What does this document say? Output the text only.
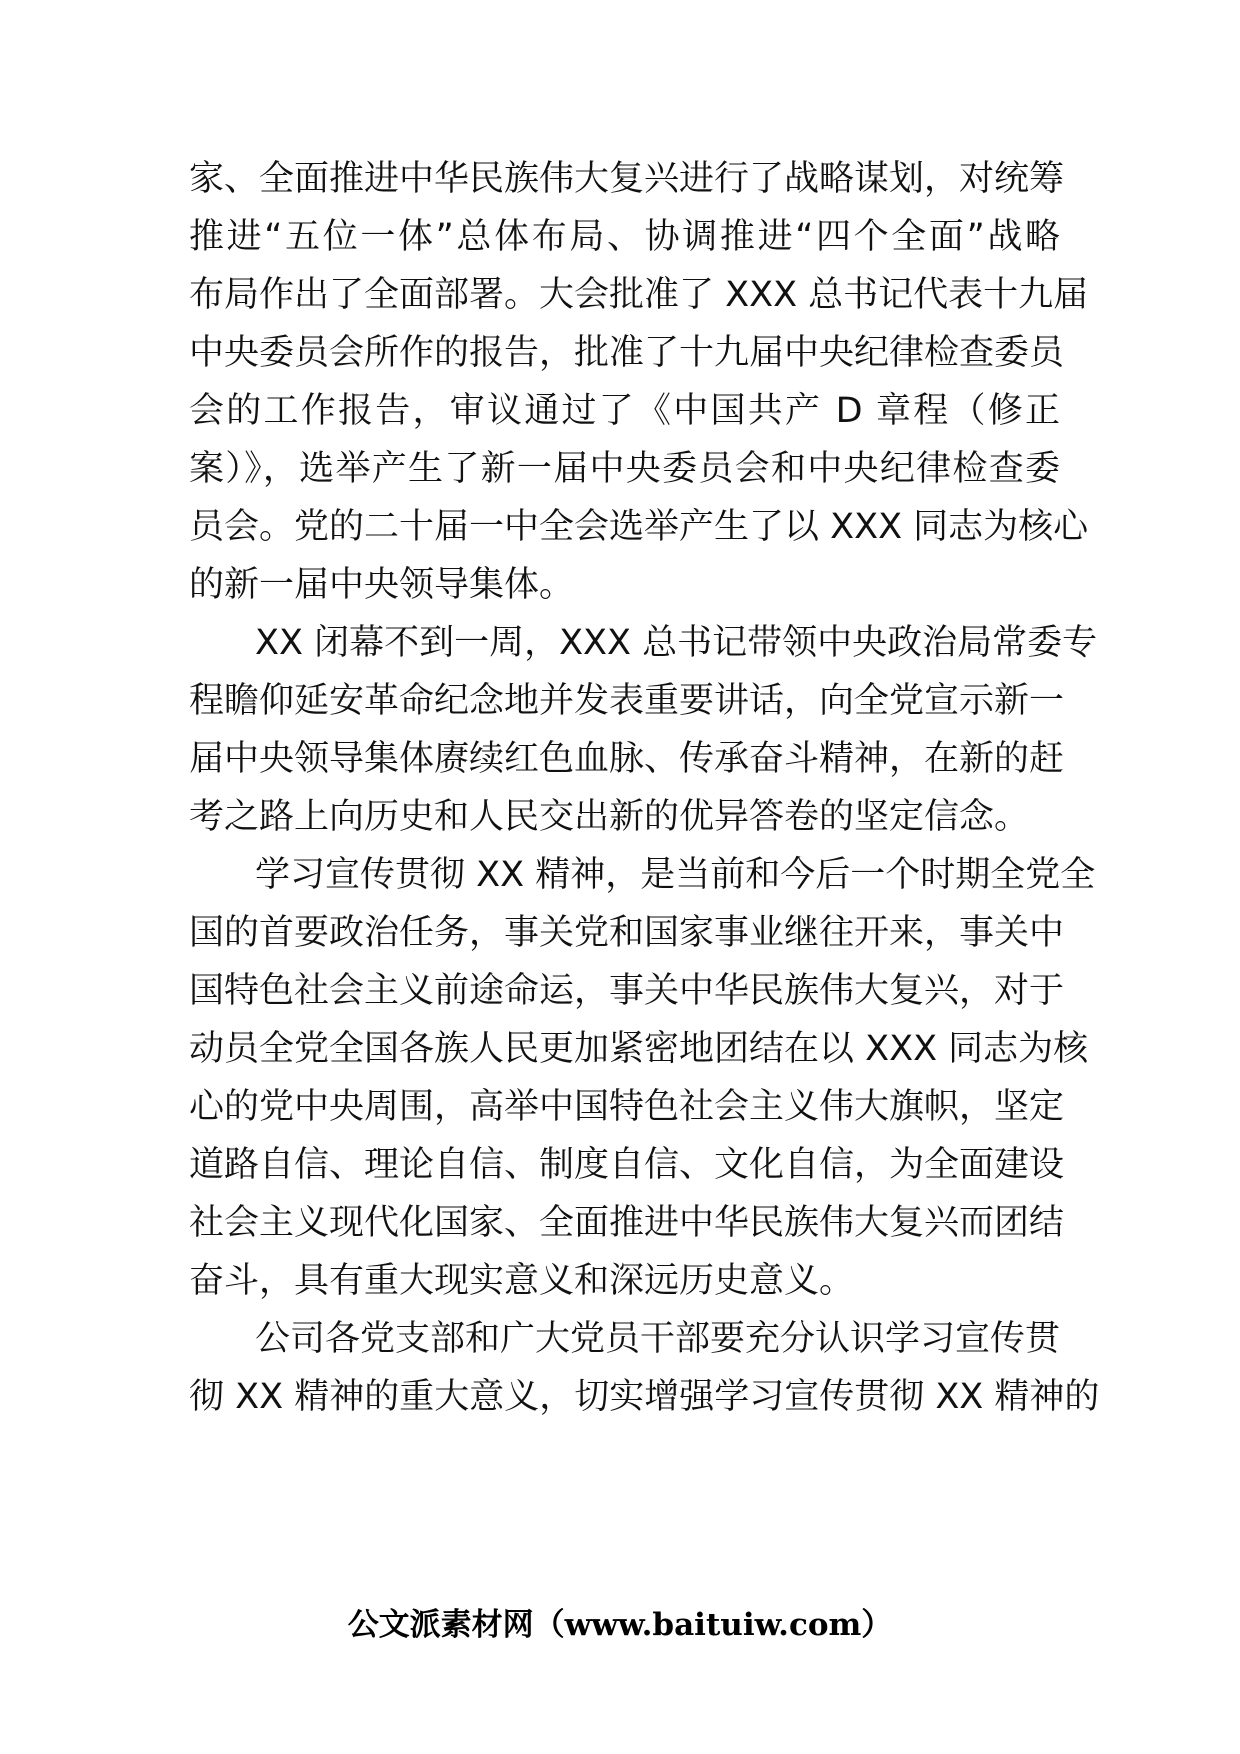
家、全面推进中华民族伟大复兴进行了战略谋划，对统筹
推进“五位一体”总体布局、协调推进“四个全面”战略
布局作出了全面部署。大会批准了 XXX 总书记代表十九届
中央委员会所作的报告，批准了十九届中央纪律检查委员
会的工作报告，审议通过了《中国共产 D 章程（修正
案）》，选举产生了新一届中央委员会和中央纪律检查委
员会。党的二十届一中全会选举产生了以 XXX 同志为核心
的新一届中央领导集体。
XX 闭幕不到一周，XXX 总书记带领中央政治局常委专
程瞻仰延安革命纪念地并发表重要讲话，向全党宣示新一
届中央领导集体赓续红色血脉、传承奋斗精神，在新的赶
考之路上向历史和人民交出新的优异答卷的坚定信念。
学习宣传贯彻 XX 精神，是当前和今后一个时期全党全
国的首要政治任务，事关党和国家事业继往开来，事关中
国特色社会主义前途命运，事关中华民族伟大复兴，对于
动员全党全国各族人民更加紧密地团结在以 XXX 同志为核
心的党中央周围，高举中国特色社会主义伟大旗帜，坚定
道路自信、理论自信、制度自信、文化自信，为全面建设
社会主义现代化国家、全面推进中华民族伟大复兴而团结
奋斗，具有重大现实意义和深远历史意义。
公司各党支部和广大党员干部要充分认识学习宣传贯
彻 XX 精神的重大意义，切实增强学习宣传贯彻 XX 精神的
公文派素材网（www.baituiw.com）
